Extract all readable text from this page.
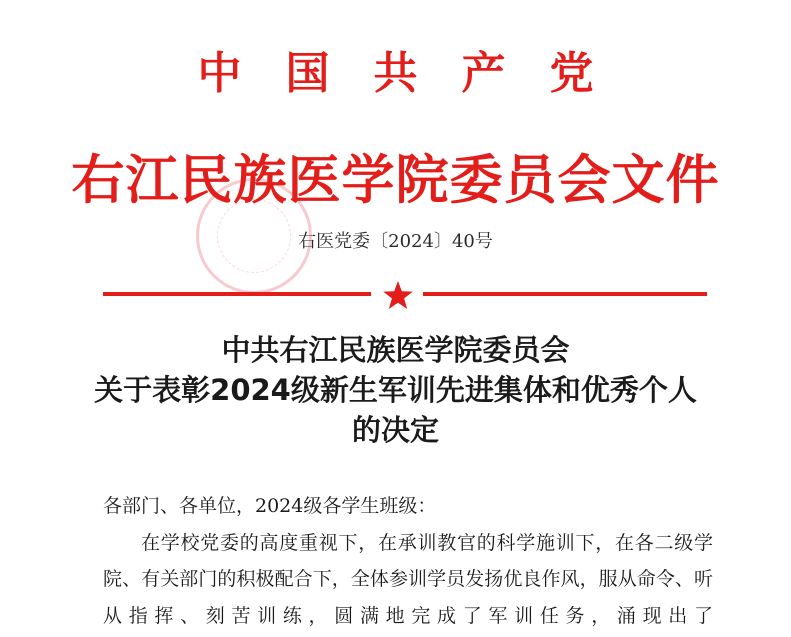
中国共产党
右江民族医学院委员会文件
右医党委〔2024〕40号
中共右江民族医学院委员会
关于表彰2024级新生军训先进集体和优秀个人
的决定

各部门、各单位，2024级各学生班级：

在学校党委的高度重视下，在承训教官的科学施训下，在各二级学院、有关部门的积极配合下，全体参训学员发扬优良作风，服从命令、听从指挥、刻苦训练，圆满地完成了军训任务，涌现出了
